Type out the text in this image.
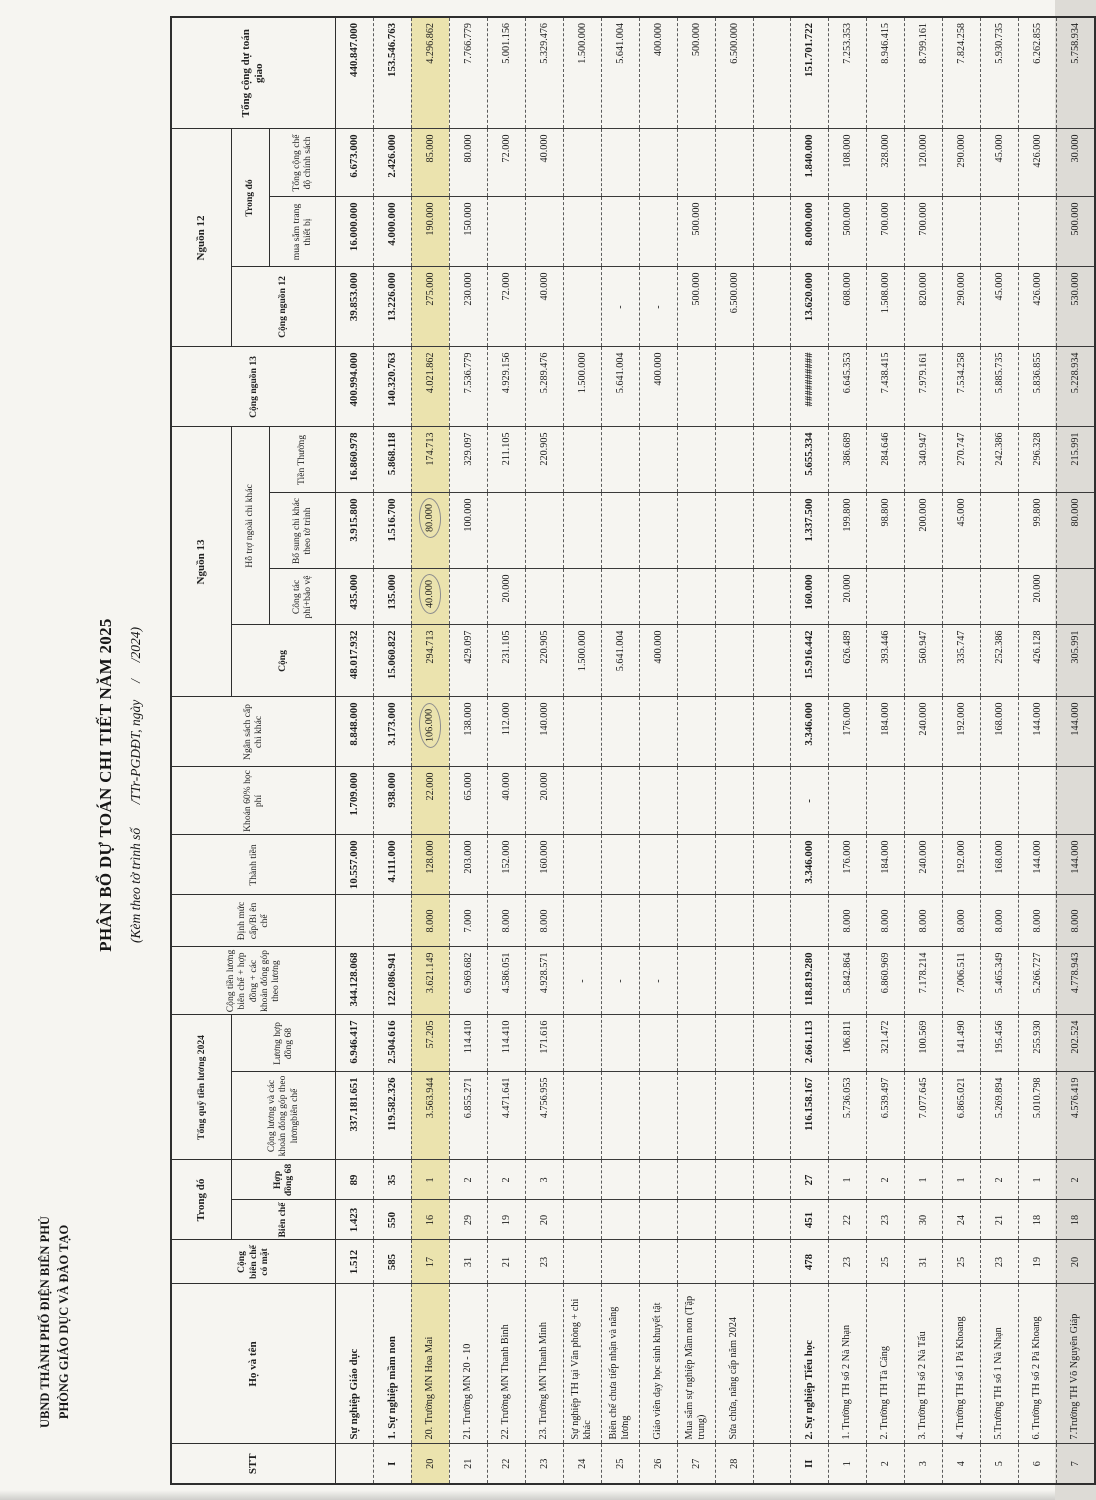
UBND THÀNH PHỐ ĐIỆN BIÊN PHỦ PHÒNG GIÁO DỤC VÀ ĐÀO TẠO
PHÂN BỔ DỰ TOÁN CHI TIẾT NĂM 2025 (Kèm theo tờ trình số       /TTr-PGDĐT, ngày     /     /2024)
STT	Họ và tên	Cộng biên chế có mặt	Trong đó		Tổng quỹ tiền lương 2024		Cộng tiền lương biên chế + hợp đồng + các khoản đóng góp theo lương	Định mức cấp/Bi ên chế	Thành tiền	Khoán 60% học phí	Ngân sách cấp chi khác	Nguồn 13				Cộng nguồn 13	Nguồn 12			Tổng cộng dự toán giao
			Biên chế	Hợp đồng 68	Cộng lương và các khoản đóng góp theo lươngbiên chế	Lương hợp đồng 68						Cộng	Hỗ trợ ngoài chi khác				Cộng nguồn 12	Trong đó		
													Công tác phí+bảo vệ	Bổ sung chi khác theo tờ trình	Tiền Thưởng			mua sắm trang thiết bị	Tổng cộng chế độ chính sách	
	Sự nghiệp Giáo dục	1.512	1.423	89	337.181.651	6.946.417	344.128.068		10.557.000	1.709.000	8.848.000	48.017.932	435.000	3.915.800	16.860.978	400.994.000	39.853.000	16.000.000	6.673.000	440.847.000
I	1. Sự nghiệp mầm non	585	550	35	119.582.326	2.504.616	122.086.941		4.111.000	938.000	3.173.000	15.060.822	135.000	1.516.700	5.868.118	140.320.763	13.226.000	4.000.000	2.426.000	153.546.763
20	20. Trường MN Hoa Mai	17	16	1	3.563.944	57.205	3.621.149	8.000	128.000	22.000	106.000	294.713	40.000	80.000	174.713	4.021.862	275.000	190.000	85.000	4.296.862
21	21. Trường MN 20 - 10	31	29	2	6.855.271	114.410	6.969.682	7.000	203.000	65.000	138.000	429.097		100.000	329.097	7.536.779	230.000	150.000	80.000	7.766.779
22	22. Trường MN Thanh Bình	21	19	2	4.471.641	114.410	4.586.051	8.000	152.000	40.000	112.000	231.105	20.000		211.105	4.929.156	72.000		72.000	5.001.156
23	23. Trường MN Thanh Minh	23	20	3	4.756.955	171.616	4.928.571	8.000	160.000	20.000	140.000	220.905			220.905	5.289.476	40.000		40.000	5.329.476
24	Sự nghiệp TH tại Văn phòng + chi khác						-					1.500.000				1.500.000				1.500.000
25	Biên chế chưa tiếp nhận và nâng lương						-					5.641.004				5.641.004	-			5.641.004
26	Giáo viên dạy học sinh khuyết tật						-					400.000				400.000	-			400.000
27	Mua sắm sự nghiệp Mầm non (Tập trung)																500.000	500.000		500.000
28	Sửa chữa, nâng cấp năm 2024																6.500.000			6.500.000

II	2. Sự nghiệp Tiểu học	478	451	27	116.158.167	2.661.113	118.819.280		3.346.000	-	3.346.000	15.916.442	160.000	1.337.500	5.655.334	##########	13.620.000	8.000.000	1.840.000	151.701.722
1	1. Trường TH số 2 Nà Nhạn	23	22	1	5.736.053	106.811	5.842.864	8.000	176.000		176.000	626.489	20.000	199.800	386.689	6.645.353	608.000	500.000	108.000	7.253.353
2	2. Trường TH Tà Cáng	25	23	2	6.539.497	321.472	6.860.969	8.000	184.000		184.000	393.446		98.800	284.646	7.438.415	1.508.000	700.000	328.000	8.946.415
3	3. Trường TH số 2 Nà Tấu	31	30	1	7.077.645	100.569	7.178.214	8.000	240.000		240.000	560.947		200.000	340.947	7.979.161	820.000	700.000	120.000	8.799.161
4	4. Trường TH số 1 Pá Khoang	25	24	1	6.865.021	141.490	7.006.511	8.000	192.000		192.000	335.747		45.000	270.747	7.534.258	290.000		290.000	7.824.258
5	5.Trường TH số 1 Nà Nhạn	23	21	2	5.269.894	195.456	5.465.349	8.000	168.000		168.000	252.386			242.386	5.885.735	45.000		45.000	5.930.735
6	6. Trường TH số 2 Pá Khoang	19	18	1	5.010.798	255.930	5.266.727	8.000	144.000		144.000	426.128	20.000	99.800	296.328	5.836.855	426.000		426.000	6.262.855
7	7.Trường TH Võ Nguyên Giáp	20	18	2	4.576.419	202.524	4.778.943	8.000	144.000		144.000	305.991		80.000	215.991	5.228.934	530.000	500.000	30.000	5.758.934
